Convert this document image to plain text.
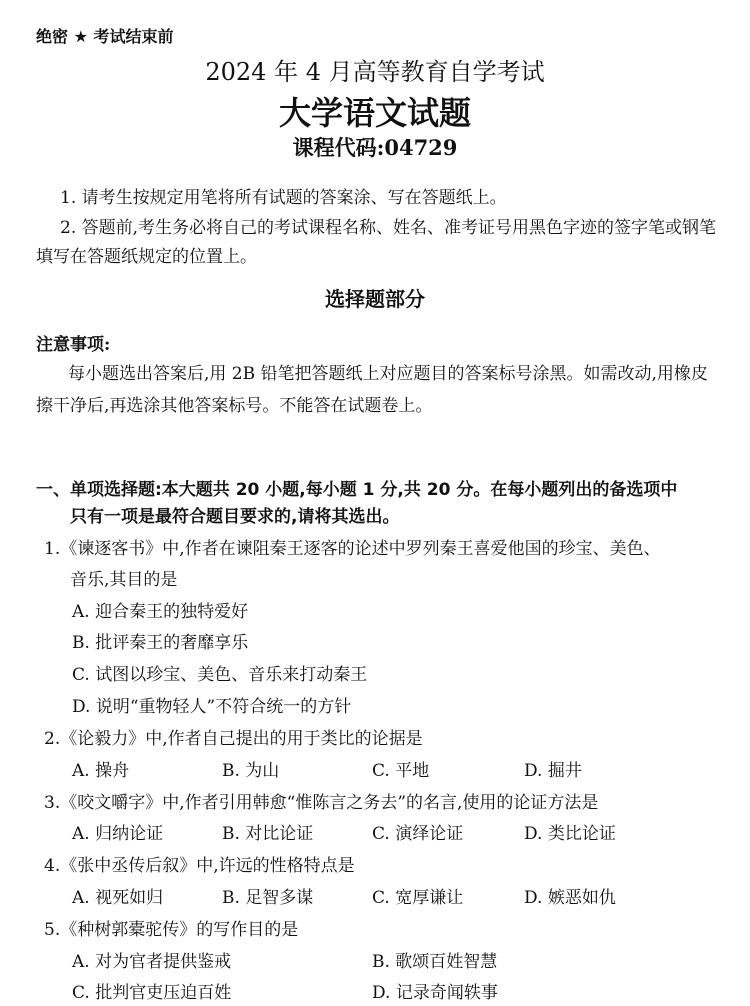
绝密 ★ 考试结束前
2024 年 4 月高等教育自学考试
大学语文试题
课程代码:04729
1. 请考生按规定用笔将所有试题的答案涂、写在答题纸上。
2. 答题前,考生务必将自己的考试课程名称、姓名、准考证号用黑色字迹的签字笔或钢笔
填写在答题纸规定的位置上。
选择题部分
注意事项:
每小题选出答案后,用 2B 铅笔把答题纸上对应题目的答案标号涂黑。如需改动,用橡皮
擦干净后,再选涂其他答案标号。不能答在试题卷上。
一、单项选择题:本大题共 20 小题,每小题 1 分,共 20 分。在每小题列出的备选项中
只有一项是最符合题目要求的,请将其选出。
1.《谏逐客书》中,作者在谏阻秦王逐客的论述中罗列秦王喜爱他国的珍宝、美色、
音乐,其目的是
A. 迎合秦王的独特爱好
B. 批评秦王的奢靡享乐
C. 试图以珍宝、美色、音乐来打动秦王
D. 说明“重物轻人”不符合统一的方针
2.《论毅力》中,作者自己提出的用于类比的论据是
A. 操舟	B. 为山	C. 平地	D. 掘井
3.《咬文嚼字》中,作者引用韩愈“惟陈言之务去”的名言,使用的论证方法是
A. 归纳论证	B. 对比论证	C. 演绎论证	D. 类比论证
4.《张中丞传后叙》中,许远的性格特点是
A. 视死如归	B. 足智多谋	C. 宽厚谦让	D. 嫉恶如仇
5.《种树郭橐驼传》的写作目的是
A. 对为官者提供鉴戒	B. 歌颂百姓智慧
C. 批判官吏压迫百姓	D. 记录奇闻轶事
